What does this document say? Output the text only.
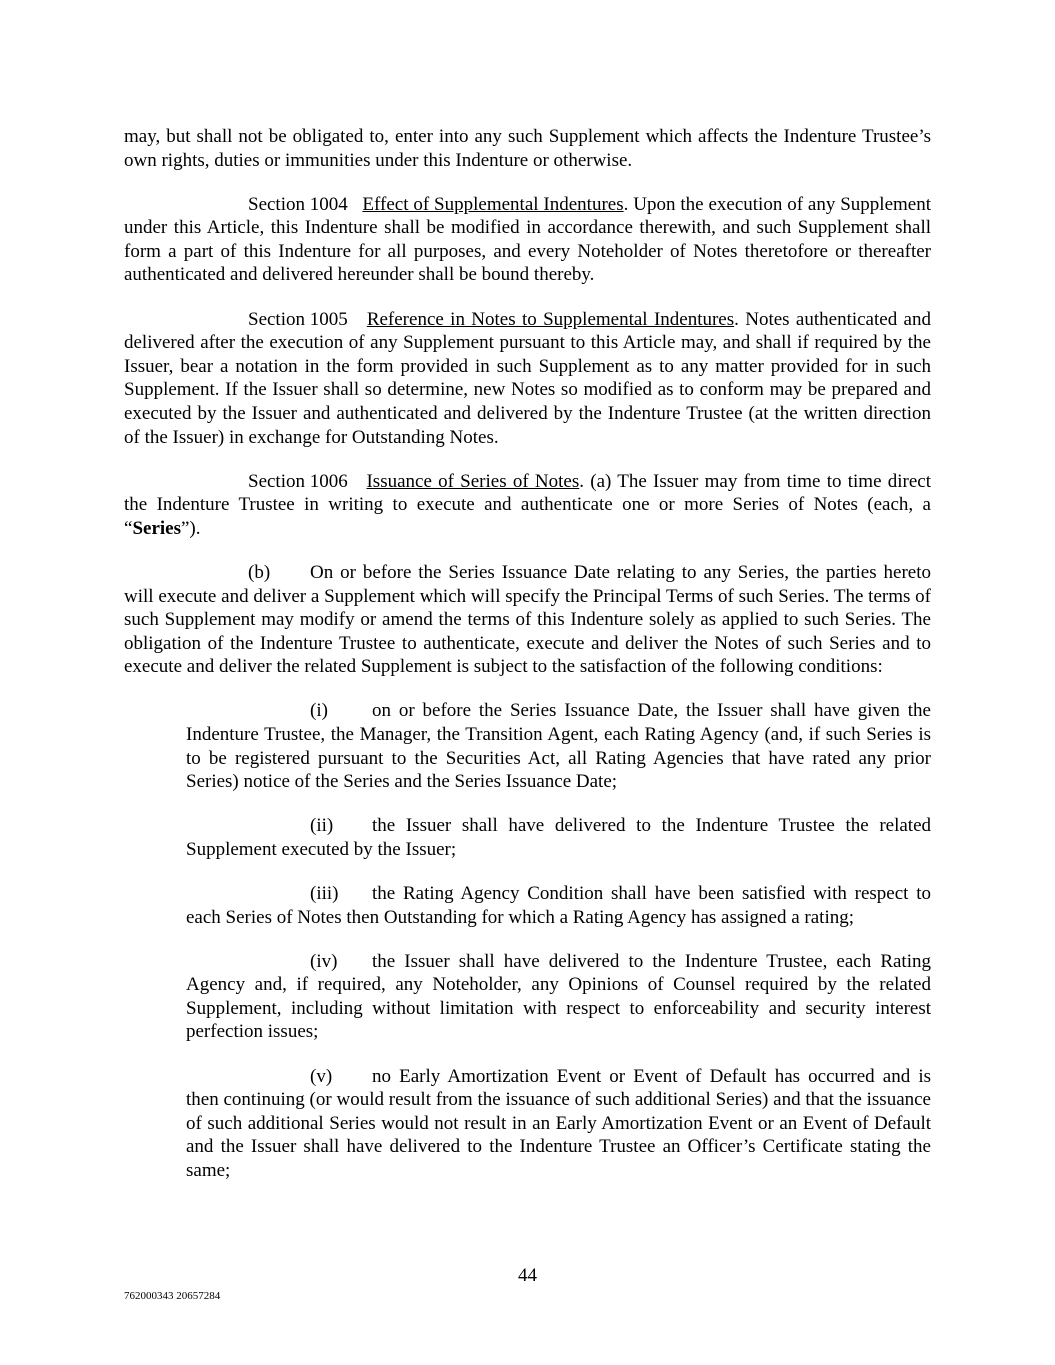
may, but shall not be obligated to, enter into any such Supplement which affects the Indenture Trustee’s own rights, duties or immunities under this Indenture or otherwise.

Section 1004 Effect of Supplemental Indentures. Upon the execution of any Supplement under this Article, this Indenture shall be modified in accordance therewith, and such Supplement shall form a part of this Indenture for all purposes, and every Noteholder of Notes theretofore or thereafter authenticated and delivered hereunder shall be bound thereby.

Section 1005 Reference in Notes to Supplemental Indentures. Notes authenticated and delivered after the execution of any Supplement pursuant to this Article may, and shall if required by the Issuer, bear a notation in the form provided in such Supplement as to any matter provided for in such Supplement. If the Issuer shall so determine, new Notes so modified as to conform may be prepared and executed by the Issuer and authenticated and delivered by the Indenture Trustee (at the written direction of the Issuer) in exchange for Outstanding Notes.

Section 1006 Issuance of Series of Notes. (a) The Issuer may from time to time direct the Indenture Trustee in writing to execute and authenticate one or more Series of Notes (each, a “Series”).

(b) On or before the Series Issuance Date relating to any Series, the parties hereto will execute and deliver a Supplement which will specify the Principal Terms of such Series. The terms of such Supplement may modify or amend the terms of this Indenture solely as applied to such Series. The obligation of the Indenture Trustee to authenticate, execute and deliver the Notes of such Series and to execute and deliver the related Supplement is subject to the satisfaction of the following conditions:

(i) on or before the Series Issuance Date, the Issuer shall have given the Indenture Trustee, the Manager, the Transition Agent, each Rating Agency (and, if such Series is to be registered pursuant to the Securities Act, all Rating Agencies that have rated any prior Series) notice of the Series and the Series Issuance Date;

(ii) the Issuer shall have delivered to the Indenture Trustee the related Supplement executed by the Issuer;

(iii) the Rating Agency Condition shall have been satisfied with respect to each Series of Notes then Outstanding for which a Rating Agency has assigned a rating;

(iv) the Issuer shall have delivered to the Indenture Trustee, each Rating Agency and, if required, any Noteholder, any Opinions of Counsel required by the related Supplement, including without limitation with respect to enforceability and security interest perfection issues;

(v) no Early Amortization Event or Event of Default has occurred and is then continuing (or would result from the issuance of such additional Series) and that the issuance of such additional Series would not result in an Early Amortization Event or an Event of Default and the Issuer shall have delivered to the Indenture Trustee an Officer’s Certificate stating the same;

44
762000343 20657284
